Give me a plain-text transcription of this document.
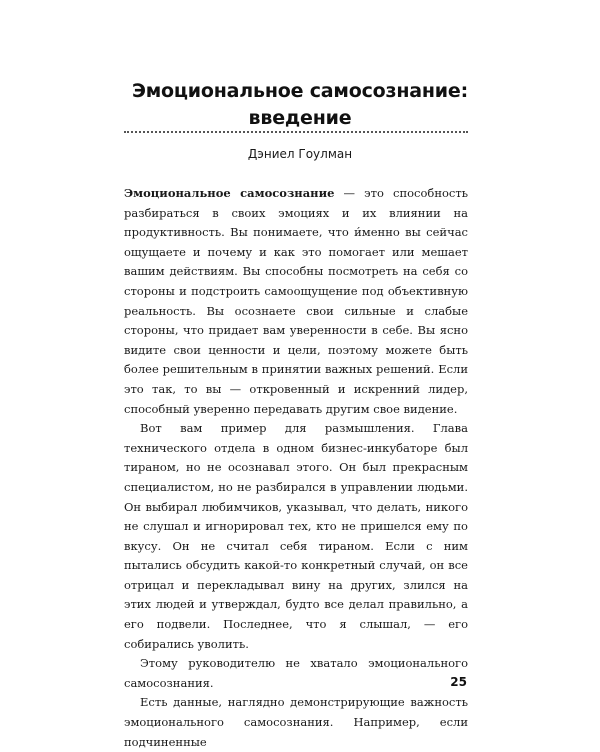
Эмоциональное самосознание:
введение
Дэниел Гоулман

Эмоциональное самосознание — это способность разбираться в своих эмоциях и их влиянии на продуктивность. Вы понимаете, что и́менно вы сейчас ощущаете и почему и как это помогает или мешает вашим действиям. Вы способны посмотреть на себя со стороны и подстроить самоощущение под объективную реальность. Вы осознаете свои сильные и слабые стороны, что придает вам уверенности в себе. Вы ясно видите свои ценности и цели, поэтому можете быть более решительным в принятии важных решений. Если это так, то вы — откровенный и искренний лидер, способный уверенно передавать другим свое видение.

Вот вам пример для размышления. Глава технического отдела в одном бизнес-инкубаторе был тираном, но не осознавал этого. Он был прекрасным специалистом, но не разбирался в управлении людьми. Он выбирал любимчиков, указывал, что делать, никого не слушал и игнорировал тех, кто не пришелся ему по вкусу. Он не считал себя тираном. Если с ним пытались обсудить какой-то конкретный случай, он все отрицал и перекладывал вину на других, злился на этих людей и утверждал, будто все делал правильно, а его подвели. Последнее, что я слышал, — его собирались уволить.

Этому руководителю не хватало эмоционального самосознания.

Есть данные, наглядно демонстрирующие важность эмоционального самосознания. Например, если подчиненные

25
